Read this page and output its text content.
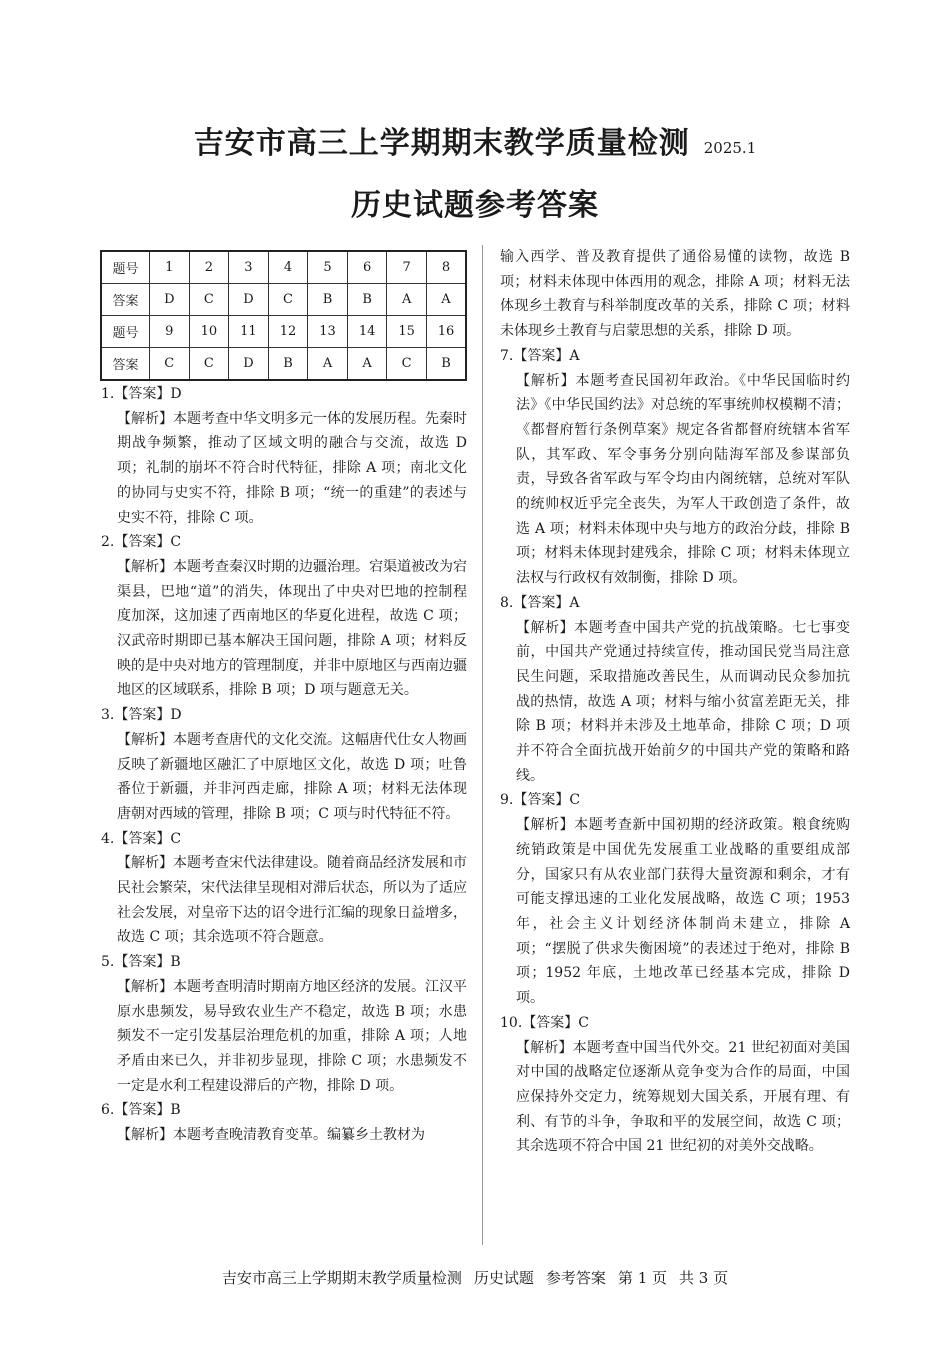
吉安市高三上学期期末教学质量检测 2025.1
历史试题参考答案
题号	1	2	3	4	5	6	7	8
答案	D	C	D	C	B	B	A	A
题号	9	10	11	12	13	14	15	16
答案	C	C	D	B	A	A	C	B
1.【答案】D
【解析】本题考查中华文明多元一体的发展历程。先秦时期战争频繁，推动了区域文明的融合与交流，故选 D 项；礼制的崩坏不符合时代特征，排除 A 项；南北文化的协同与史实不符，排除 B 项；“统一的重建”的表述与史实不符，排除 C 项。
2.【答案】C
【解析】本题考查秦汉时期的边疆治理。宕渠道被改为宕渠县，巴地“道”的消失，体现出了中央对巴地的控制程度加深，这加速了西南地区的华夏化进程，故选 C 项；汉武帝时期即已基本解决王国问题，排除 A 项；材料反映的是中央对地方的管理制度，并非中原地区与西南边疆地区的区域联系，排除 B 项；D 项与题意无关。
3.【答案】D
【解析】本题考查唐代的文化交流。这幅唐代仕女人物画反映了新疆地区融汇了中原地区文化，故选 D 项；吐鲁番位于新疆，并非河西走廊，排除 A 项；材料无法体现唐朝对西域的管理，排除 B 项；C 项与时代特征不符。
4.【答案】C
【解析】本题考查宋代法律建设。随着商品经济发展和市民社会繁荣，宋代法律呈现相对滞后状态，所以为了适应社会发展，对皇帝下达的诏令进行汇编的现象日益增多，故选 C 项；其余选项不符合题意。
5.【答案】B
【解析】本题考查明清时期南方地区经济的发展。江汉平原水患频发，易导致农业生产不稳定，故选 B 项；水患频发不一定引发基层治理危机的加重，排除 A 项；人地矛盾由来已久，并非初步显现，排除 C 项；水患频发不一定是水利工程建设滞后的产物，排除 D 项。
6.【答案】B
【解析】本题考查晚清教育变革。编纂乡土教材为
输入西学、普及教育提供了通俗易懂的读物，故选 B 项；材料未体现中体西用的观念，排除 A 项；材料无法体现乡土教育与科举制度改革的关系，排除 C 项；材料未体现乡土教育与启蒙思想的关系，排除 D 项。
7.【答案】A
【解析】本题考查民国初年政治。《中华民国临时约法》《中华民国约法》对总统的军事统帅权模糊不清；《都督府暂行条例草案》规定各省都督府统辖本省军队，其军政、军令事务分别向陆海军部及参谋部负责，导致各省军政与军令均由内阁统辖，总统对军队的统帅权近乎完全丧失，为军人干政创造了条件，故选 A 项；材料未体现中央与地方的政治分歧，排除 B 项；材料未体现封建残余，排除 C 项；材料未体现立法权与行政权有效制衡，排除 D 项。
8.【答案】A
【解析】本题考查中国共产党的抗战策略。七七事变前，中国共产党通过持续宣传，推动国民党当局注意民生问题，采取措施改善民生，从而调动民众参加抗战的热情，故选 A 项；材料与缩小贫富差距无关，排除 B 项；材料并未涉及土地革命，排除 C 项；D 项并不符合全面抗战开始前夕的中国共产党的策略和路线。
9.【答案】C
【解析】本题考查新中国初期的经济政策。粮食统购统销政策是中国优先发展重工业战略的重要组成部分，国家只有从农业部门获得大量资源和剩余，才有可能支撑迅速的工业化发展战略，故选 C 项；1953 年，社会主义计划经济体制尚未建立，排除 A 项；“摆脱了供求失衡困境”的表述过于绝对，排除 B 项；1952 年底，土地改革已经基本完成，排除 D 项。
10.【答案】C
【解析】本题考查中国当代外交。21 世纪初面对美国对中国的战略定位逐渐从竞争变为合作的局面，中国应保持外交定力，统筹规划大国关系，开展有理、有利、有节的斗争，争取和平的发展空间，故选 C 项；其余选项不符合中国 21 世纪初的对美外交战略。
吉安市高三上学期期末教学质量检测 历史试题 参考答案 第 1 页 共 3 页
